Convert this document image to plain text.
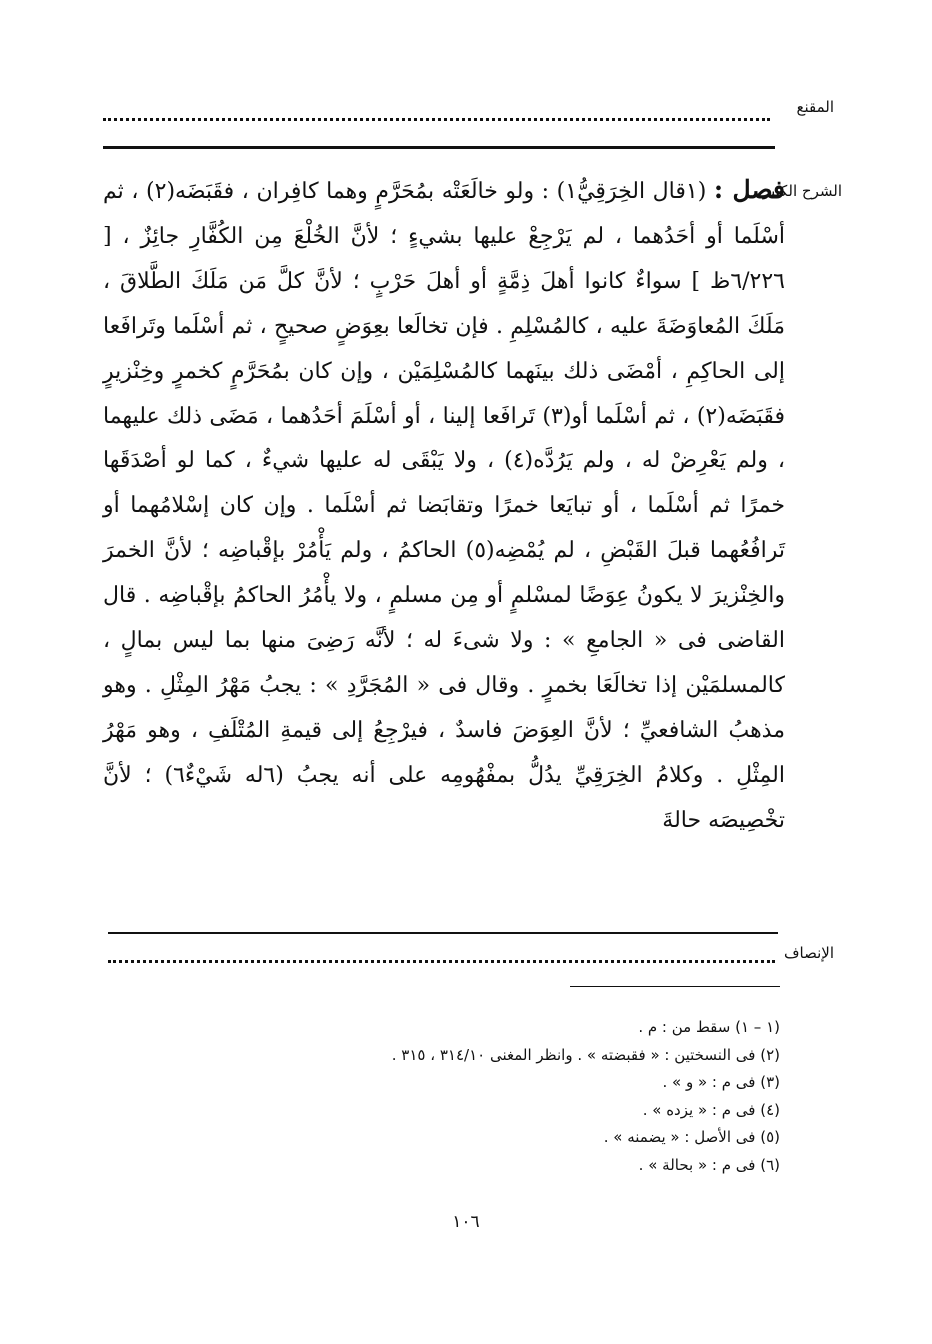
المقنع
الشرح الكبير
فصل : (١قال الخِرَقِيُّ١) : ولو خالَعَتْه بمُحَرَّمٍ وهما كافِران ، فقَبَضَه(٢) ، ثم أسْلَما أو أحَدُهما ، لم يَرْجِعْ عليها بشيءٍ ؛ لأنَّ الخُلْعَ مِن الكُفَّارِ جائِزٌ ، [ ٦/٢٢٦ظ ] سواءٌ كانوا أهلَ ذِمَّةٍ أو أهلَ حَرْبٍ ؛ لأنَّ كلَّ مَن مَلَكَ الطَّلاقَ ، مَلَكَ المُعاوَضَةَ عليه ، كالمُسْلِمِ . فإن تخالَعا بعِوَضٍ صحيحٍ ، ثم أسْلَما وتَرافَعا إلى الحاكِمِ ، أمْضَى ذلك بينَهما كالمُسْلِمَيْن ، وإن كان بمُحَرَّمٍ كخمرٍ وخِنْزيرٍ فقَبَضَه(٢) ، ثم أسْلَما أو(٣) تَرافَعا إلينا ، أو أسْلَمَ أحَدُهما ، مَضَى ذلك عليهما ، ولم يَعْرِضْ له ، ولم يَرُدَّه(٤) ، ولا يَبْقَى له عليها شيءٌ ، كما لو أصْدَقَها خمرًا ثم أسْلَما ، أو تبايَعا خمرًا وتقابَضا ثم أسْلَما . وإن كان إسْلامُهما أو تَرافُعُهما قبلَ القَبْضِ ، لم يُمْضِه(٥) الحاكمُ ، ولم يَأْمُرْ بإقْباضِه ؛ لأنَّ الخمرَ والخِنْزيرَ لا يكونُ عِوَضًا لمسْلمٍ أو مِن مسلمٍ ، ولا يأْمُرُ الحاكمُ بإقْباضِه . قال القاضى فى « الجامعِ » : ولا شىءَ له ؛ لأنَّه رَضِىَ منها بما ليس بمالٍ ، كالمسلمَيْن إذا تخالَعَا بخمرٍ . وقال فى « المُجَرَّدِ » : يجبُ مَهْرُ المِثْلِ . وهو مذهبُ الشافعيِّ ؛ لأنَّ العِوَضَ فاسدٌ ، فيرْجِعُ إلى قيمةِ المُتْلَفِ ، وهو مَهْرُ المِثْلِ . وكلامُ الخِرَقِيِّ يدُلُّ بمفْهُومِه على أنه يجبُ (٦له شَيْءٌ٦) ؛ لأنَّ تخْصِيصَه حالةَ
الإنصاف
(١ – ١) سقط من : م .
(٢) فى النسختين : « فقبضته » . وانظر المغنى ٣١٤/١٠ ، ٣١٥ .
(٣) فى م : « و » .
(٤) فى م : « يزده » .
(٥) فى الأصل : « يضمنه » .
(٦) فى م : « بحالة » .
١٠٦
